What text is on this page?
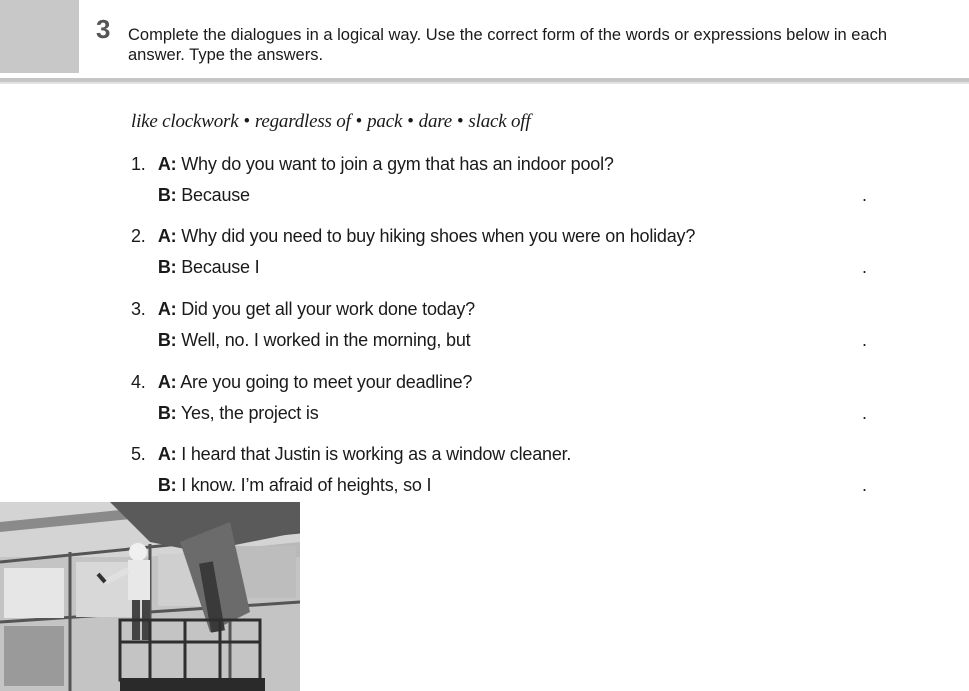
3 Complete the dialogues in a logical way. Use the correct form of the words or expressions below in each answer. Type the answers.
like clockwork • regardless of • pack • dare • slack off
1. A: Why do you want to join a gym that has an indoor pool?
B: Because	.
2. A: Why did you need to buy hiking shoes when you were on holiday?
B: Because I	.
3. A: Did you get all your work done today?
B: Well, no. I worked in the morning, but	.
4. A: Are you going to meet your deadline?
B: Yes, the project is	.
5. A: I heard that Justin is working as a window cleaner.
B: I know. I’m afraid of heights, so I	.
